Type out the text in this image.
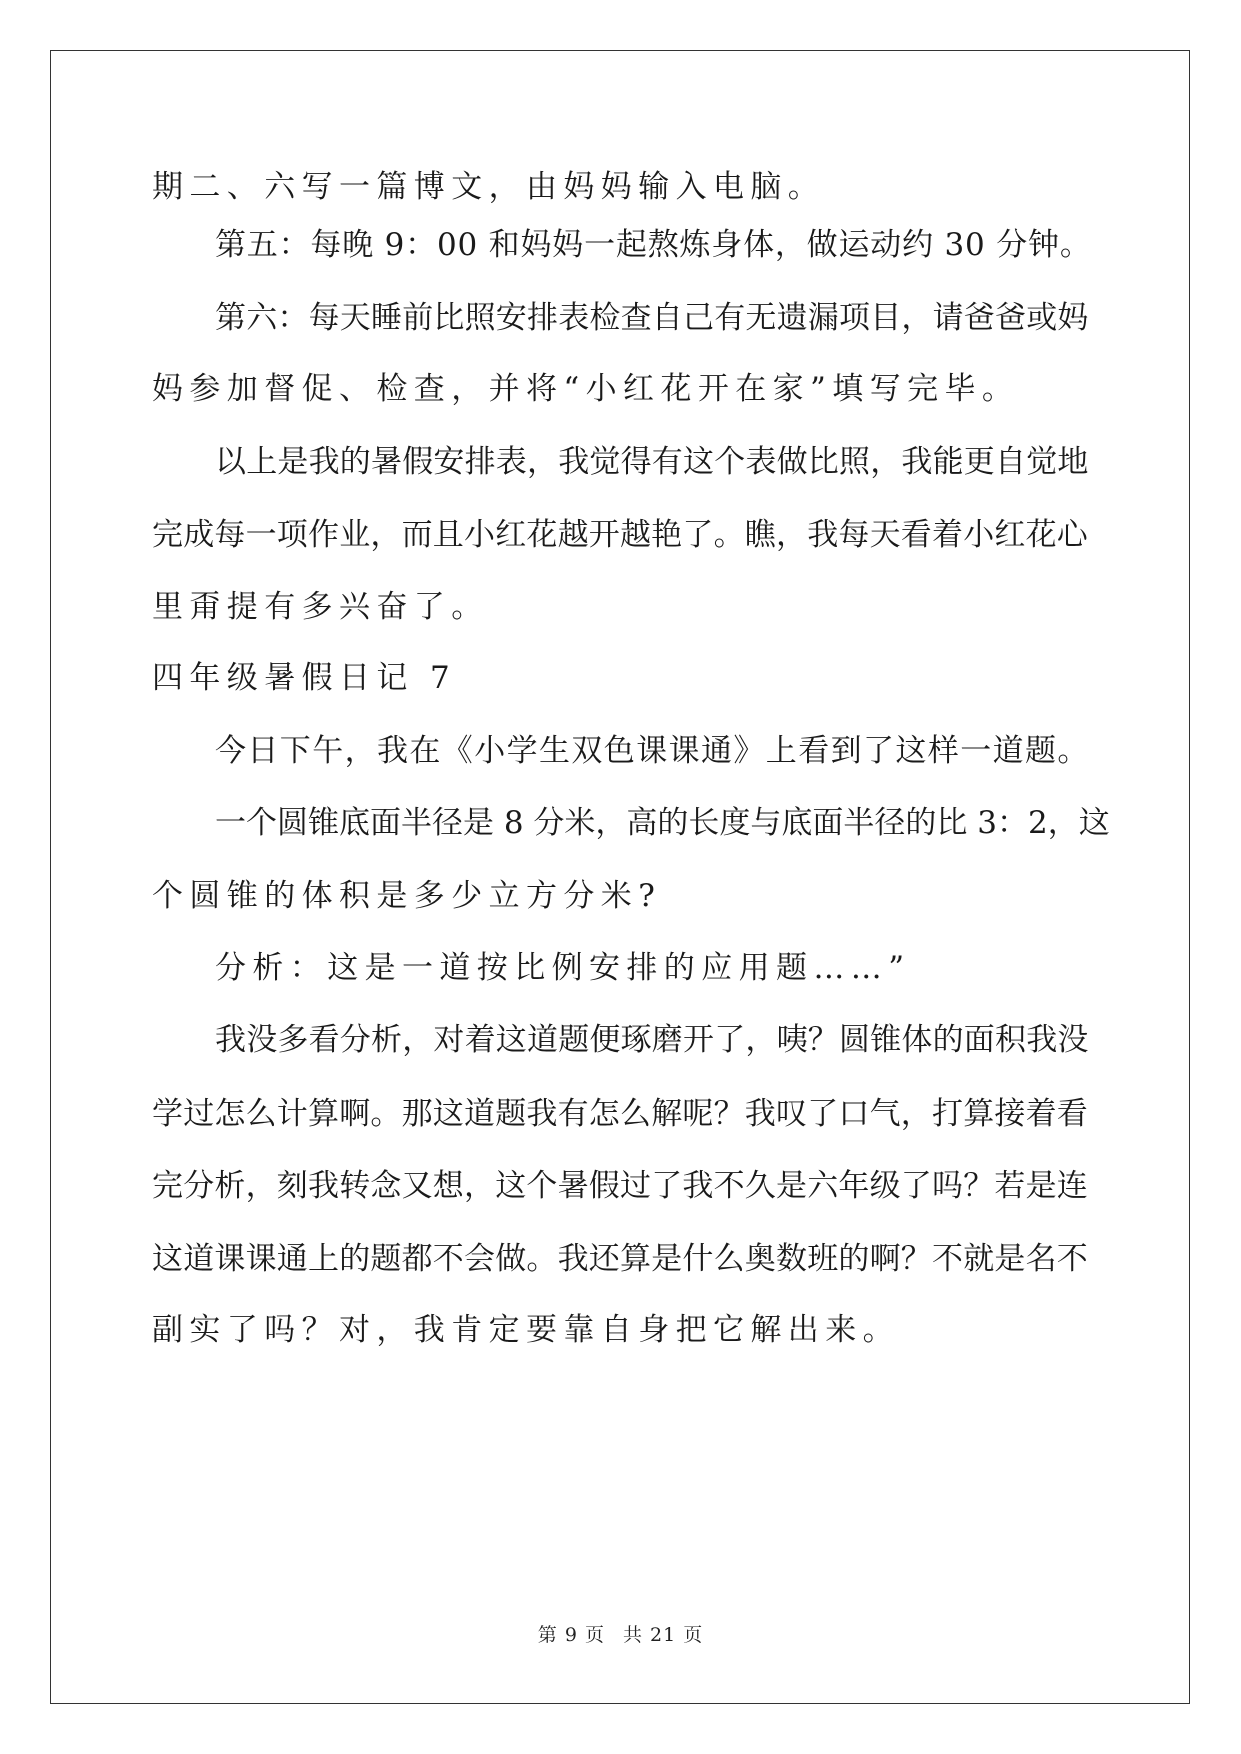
期二、六写一篇博文，由妈妈输入电脑。
第五：每晚 9：00 和妈妈一起熬炼身体，做运动约 30 分钟。
第六：每天睡前比照安排表检查自己有无遗漏项目，请爸爸或妈
妈参加督促、检查，并将“小红花开在家”填写完毕。
以上是我的暑假安排表，我觉得有这个表做比照，我能更自觉地
完成每一项作业，而且小红花越开越艳了。瞧，我每天看着小红花心
里甭提有多兴奋了。
四年级暑假日记 7
今日下午，我在《小学生双色课课通》上看到了这样一道题。
一个圆锥底面半径是 8 分米，高的长度与底面半径的比 3：2，这
个圆锥的体积是多少立方分米?
分析：这是一道按比例安排的应用题……”
我没多看分析，对着这道题便琢磨开了，咦？圆锥体的面积我没
学过怎么计算啊。那这道题我有怎么解呢？我叹了口气，打算接着看
完分析，刻我转念又想，这个暑假过了我不久是六年级了吗？若是连
这道课课通上的题都不会做。我还算是什么奥数班的啊？不就是名不
副实了吗？对，我肯定要靠自身把它解出来。
第 9 页 共 21 页
